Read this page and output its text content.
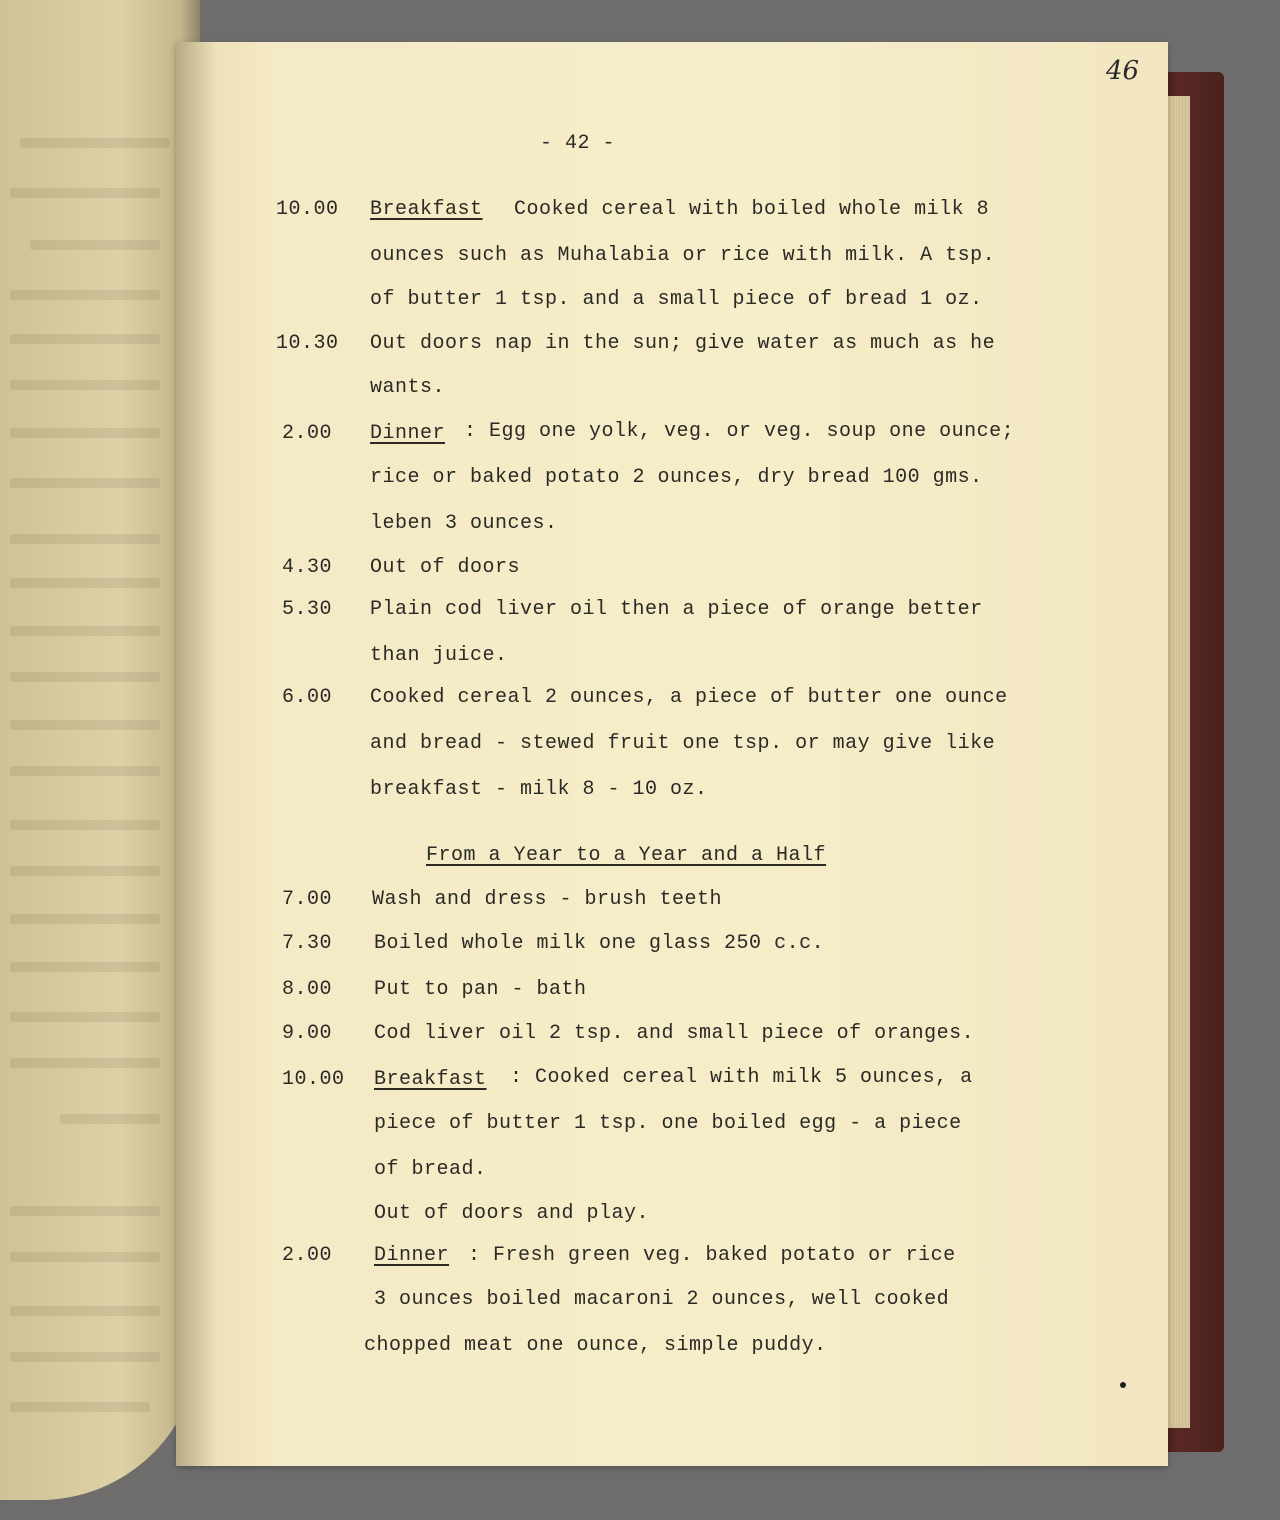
46
- 42 -
10.00	Breakfast Cooked cereal with boiled whole milk 8
ounces such as Muhalabia or rice with milk. A tsp.
of butter 1 tsp. and a small piece of bread 1 oz.
10.30	Out doors nap in the sun; give water as much as he
wants.
2.00	Dinner : Egg one yolk, veg. or veg. soup one ounce;
rice or baked potato 2 ounces, dry bread 100 gms.
leben 3 ounces.
4.30	Out of doors
5.30	Plain cod liver oil then a piece of orange better
than juice.
6.00	Cooked cereal 2 ounces, a piece of butter one ounce
and bread - stewed fruit one tsp. or may give like
breakfast - milk 8 - 10 oz.
From a Year to a Year and a Half
7.00	Wash and dress - brush teeth
7.30	Boiled whole milk one glass 250 c.c.
8.00	Put to pan - bath
9.00	Cod liver oil 2 tsp. and small piece of oranges.
10.00	Breakfast : Cooked cereal with milk 5 ounces, a
piece of butter 1 tsp. one boiled egg - a piece
of bread.
Out of doors and play.
2.00	Dinner : Fresh green veg. baked potato or rice
3 ounces boiled macaroni 2 ounces, well cooked
chopped meat one ounce, simple puddy.
